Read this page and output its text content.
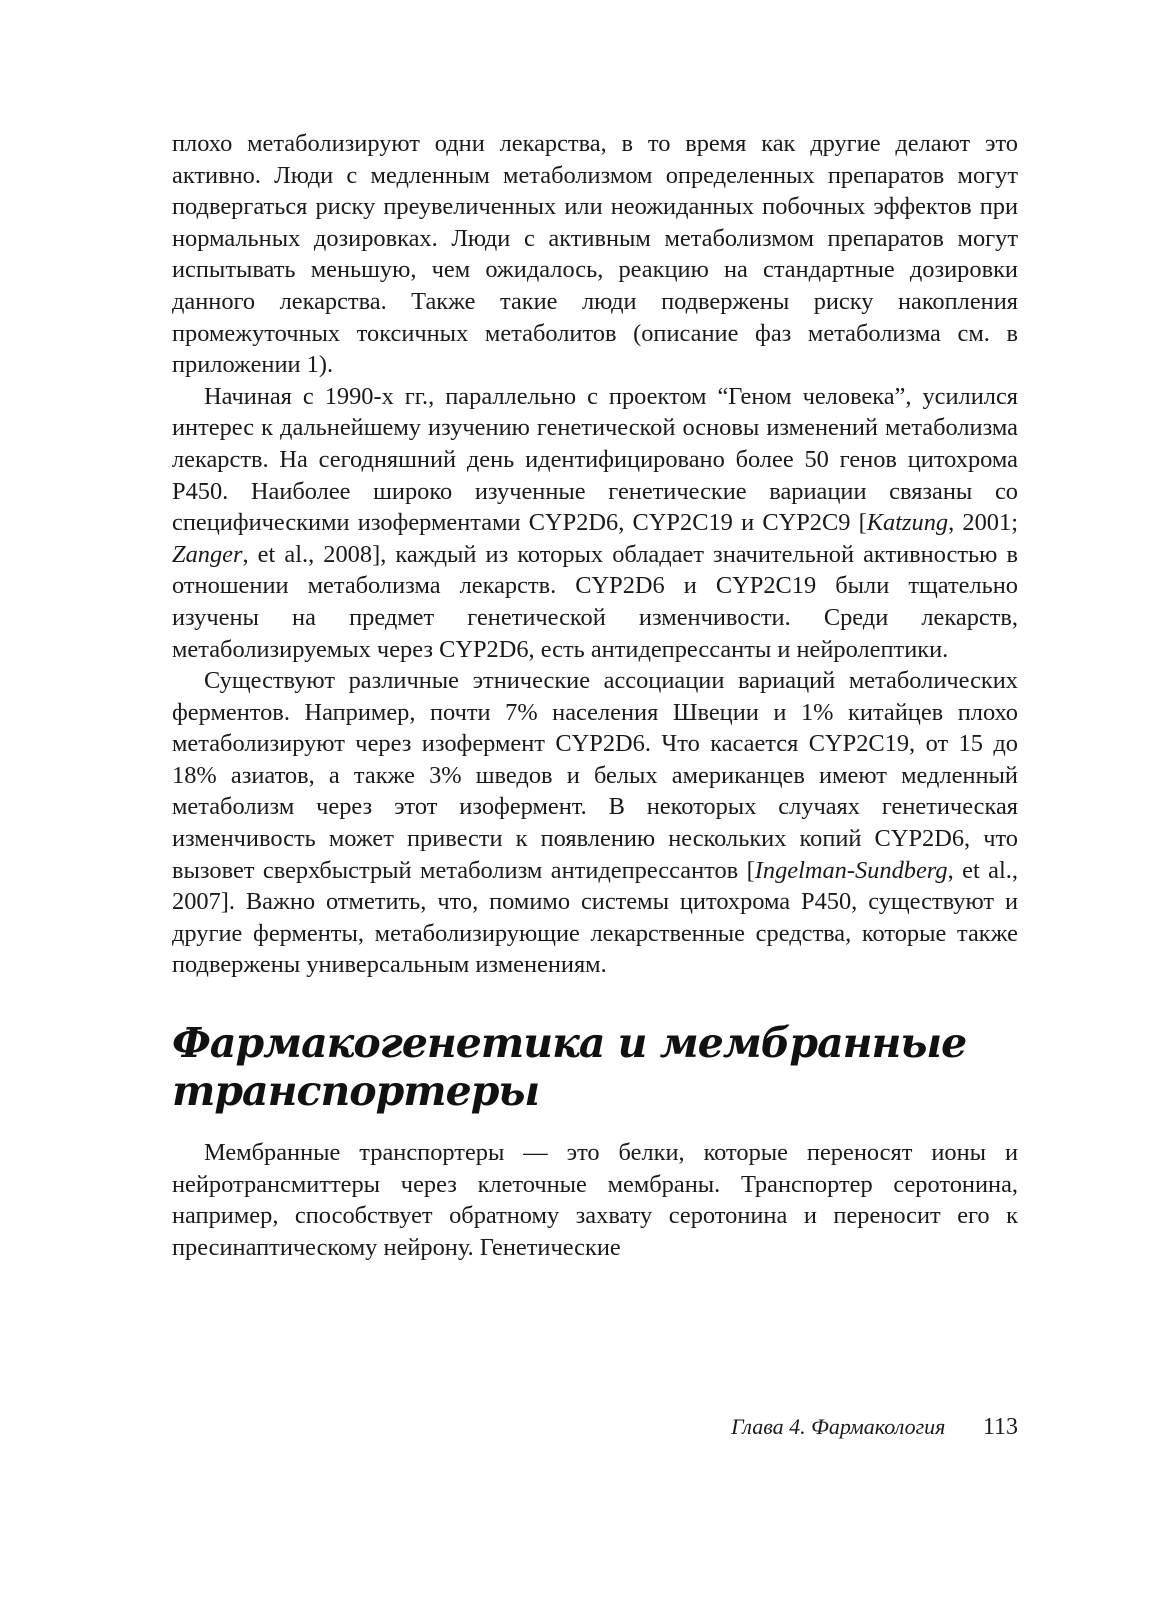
плохо метаболизируют одни лекарства, в то время как другие делают это активно. Люди с медленным метаболизмом определенных препаратов могут подвергаться риску преувеличенных или неожиданных побочных эффектов при нормальных дозировках. Люди с активным метаболизмом препаратов могут испытывать меньшую, чем ожидалось, реакцию на стандартные дозировки данного лекарства. Также такие люди подвержены риску накопления промежуточных токсичных метаболитов (описание фаз метаболизма см. в приложении 1).

Начиная с 1990-х гг., параллельно с проектом “Геном человека”, усилился интерес к дальнейшему изучению генетической основы изменений метаболизма лекарств. На сегодняшний день идентифицировано более 50 генов цитохрома Р450. Наиболее широко изученные генетические вариации связаны со специфическими изоферментами CYP2D6, CYP2C19 и CYP2C9 [Katzung, 2001; Zanger, et al., 2008], каждый из которых обладает значительной активностью в отношении метаболизма лекарств. CYP2D6 и CYP2C19 были тщательно изучены на предмет генетической изменчивости. Среди лекарств, метаболизируемых через CYP2D6, есть антидепрессанты и нейролептики.

Существуют различные этнические ассоциации вариаций метаболических ферментов. Например, почти 7% населения Швеции и 1% китайцев плохо метаболизируют через изофермент CYP2D6. Что касается CYP2C19, от 15 до 18% азиатов, а также 3% шведов и белых американцев имеют медленный метаболизм через этот изофермент. В некоторых случаях генетическая изменчивость может привести к появлению нескольких копий CYP2D6, что вызовет сверхбыстрый метаболизм антидепрессантов [Ingelman-Sundberg, et al., 2007]. Важно отметить, что, помимо системы цитохрома Р450, существуют и другие ферменты, метаболизирующие лекарственные средства, которые также подвержены универсальным изменениям.

Фармакогенетика и мембранные транспортеры

Мембранные транспортеры — это белки, которые переносят ионы и нейротрансмиттеры через клеточные мембраны. Транспортер серотонина, например, способствует обратному захвату серотонина и переносит его к пресинаптическому нейрону. Генетические

Глава 4. Фармакология 113
